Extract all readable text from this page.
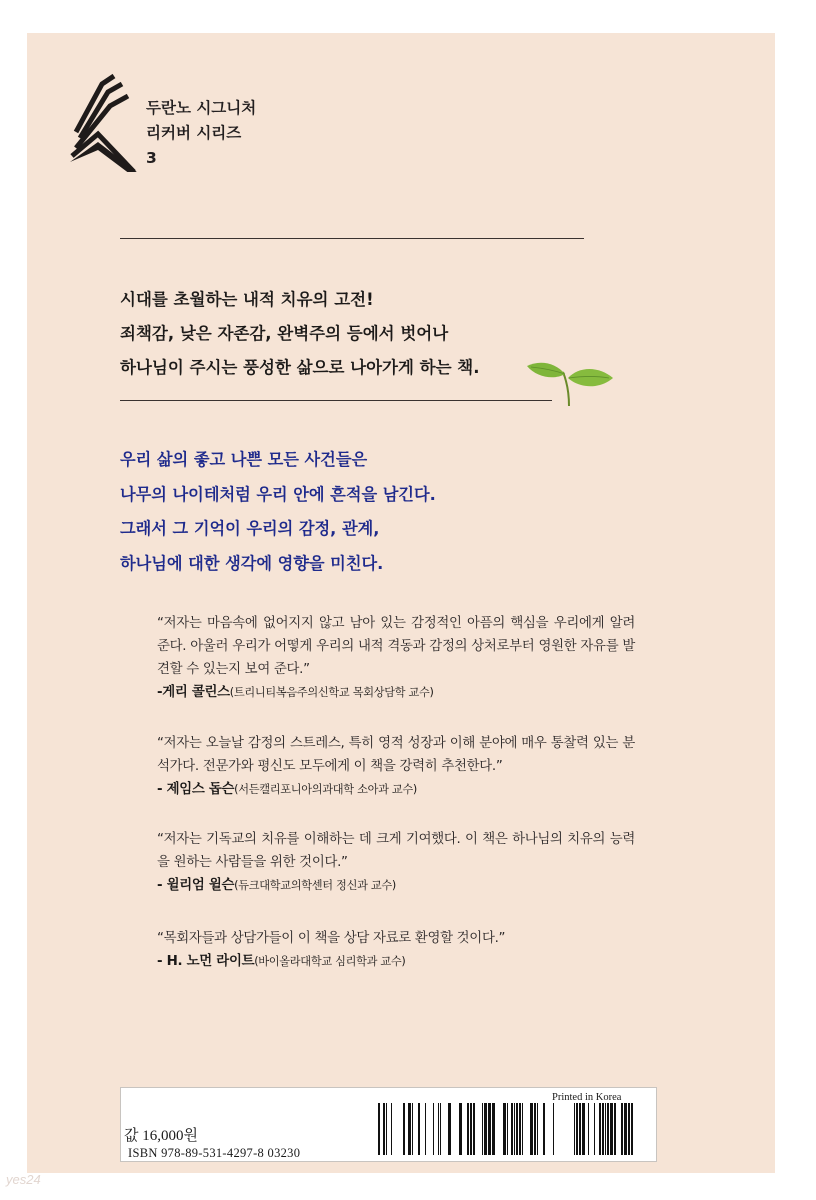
두란노 시그니처
리커버 시리즈
3
시대를 초월하는 내적 치유의 고전!
죄책감, 낮은 자존감, 완벽주의 등에서 벗어나
하나님이 주시는 풍성한 삶으로 나아가게 하는 책.
우리 삶의 좋고 나쁜 모든 사건들은
나무의 나이테처럼 우리 안에 흔적을 남긴다.
그래서 그 기억이 우리의 감정, 관계,
하나님에 대한 생각에 영향을 미친다.
“저자는 마음속에 없어지지 않고 남아 있는 감정적인 아픔의 핵심을 우리에게 알려 준다. 아울러 우리가 어떻게 우리의 내적 격동과 감정의 상처로부터 영원한 자유를 발견할 수 있는지 보여 준다.”
-게리 콜린스(트리니티복음주의신학교 목회상담학 교수)
“저자는 오늘날 감정의 스트레스, 특히 영적 성장과 이해 분야에 매우 통찰력 있는 분석가다. 전문가와 평신도 모두에게 이 책을 강력히 추천한다.”
- 제임스 돕슨(서든캘리포니아의과대학 소아과 교수)
“저자는 기독교의 치유를 이해하는 데 크게 기여했다. 이 책은 하나님의 치유의 능력을 원하는 사람들을 위한 것이다.”
- 윌리엄 윌슨(듀크대학교의학센터 정신과 교수)
“목회자들과 상담가들이 이 책을 상담 자료로 환영할 것이다.”
- H. 노먼 라이트(바이올라대학교 심리학과 교수)
Printed in Korea
값 16,000원
ISBN 978-89-531-4297-8 03230
yes24
